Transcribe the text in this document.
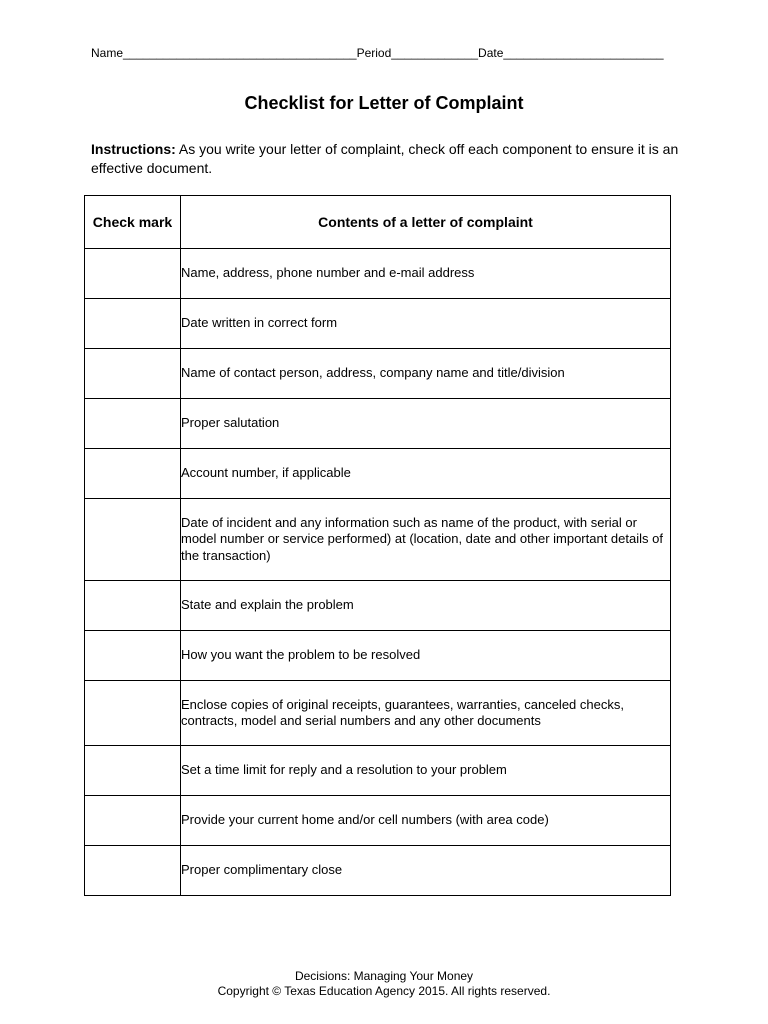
Name___________________________________Period_____________Date________________________
Checklist for Letter of Complaint
Instructions: As you write your letter of complaint, check off each component to ensure it is an effective document.
Check mark	Contents of a letter of complaint
	Name, address, phone number and e-mail address
	Date written in correct form
	Name of contact person, address, company name and title/division
	Proper salutation
	Account number, if applicable
	Date of incident and any information such as name of the product, with serial or model number or service performed) at (location, date and other important details of the transaction)
	State and explain the problem
	How you want the problem to be resolved
	Enclose copies of original receipts, guarantees, warranties, canceled checks, contracts, model and serial numbers and any other documents
	Set a time limit for reply and a resolution to your problem
	Provide your current home and/or cell numbers (with area code)
	Proper complimentary close
Decisions: Managing Your Money
Copyright © Texas Education Agency 2015. All rights reserved.
